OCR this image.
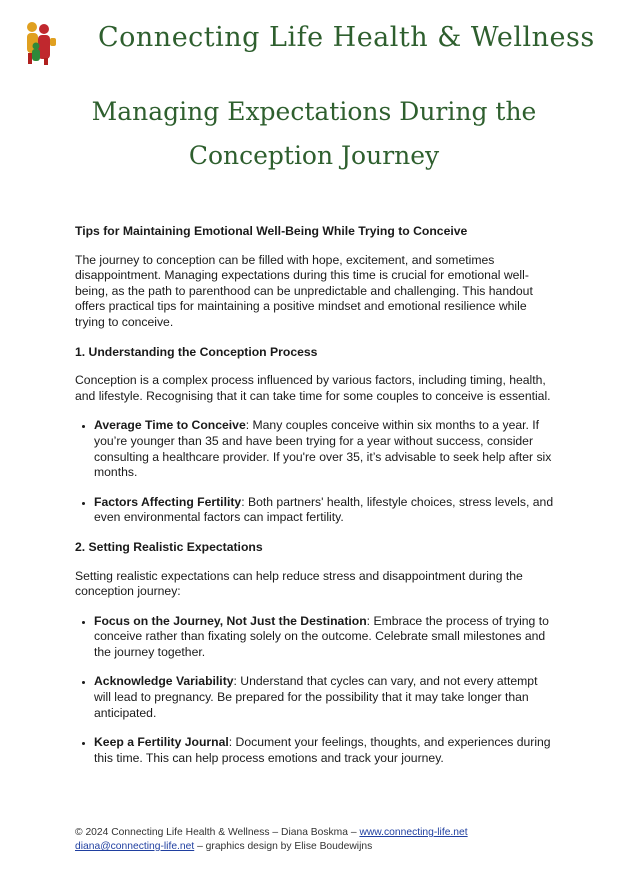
Connecting Life Health & Wellness
Managing Expectations During the
Conception Journey
Tips for Maintaining Emotional Well-Being While Trying to Conceive

The journey to conception can be filled with hope, excitement, and sometimes disappointment. Managing expectations during this time is crucial for emotional well-being, as the path to parenthood can be unpredictable and challenging. This handout offers practical tips for maintaining a positive mindset and emotional resilience while trying to conceive.

1. Understanding the Conception Process

Conception is a complex process influenced by various factors, including timing, health, and lifestyle. Recognising that it can take time for some couples to conceive is essential.

• Average Time to Conceive: Many couples conceive within six months to a year. If you’re younger than 35 and have been trying for a year without success, consider consulting a healthcare provider. If you're over 35, it’s advisable to seek help after six months.
• Factors Affecting Fertility: Both partners' health, lifestyle choices, stress levels, and even environmental factors can impact fertility.
2. Setting Realistic Expectations

Setting realistic expectations can help reduce stress and disappointment during the conception journey:

• Focus on the Journey, Not Just the Destination: Embrace the process of trying to conceive rather than fixating solely on the outcome. Celebrate small milestones and the journey together.
• Acknowledge Variability: Understand that cycles can vary, and not every attempt will lead to pregnancy. Be prepared for the possibility that it may take longer than anticipated.
• Keep a Fertility Journal: Document your feelings, thoughts, and experiences during this time. This can help process emotions and track your journey.
© 2024 Connecting Life Health & Wellness – Diana Boskma – www.connecting-life.net
diana@connecting-life.net – graphics design by Elise Boudewijns
